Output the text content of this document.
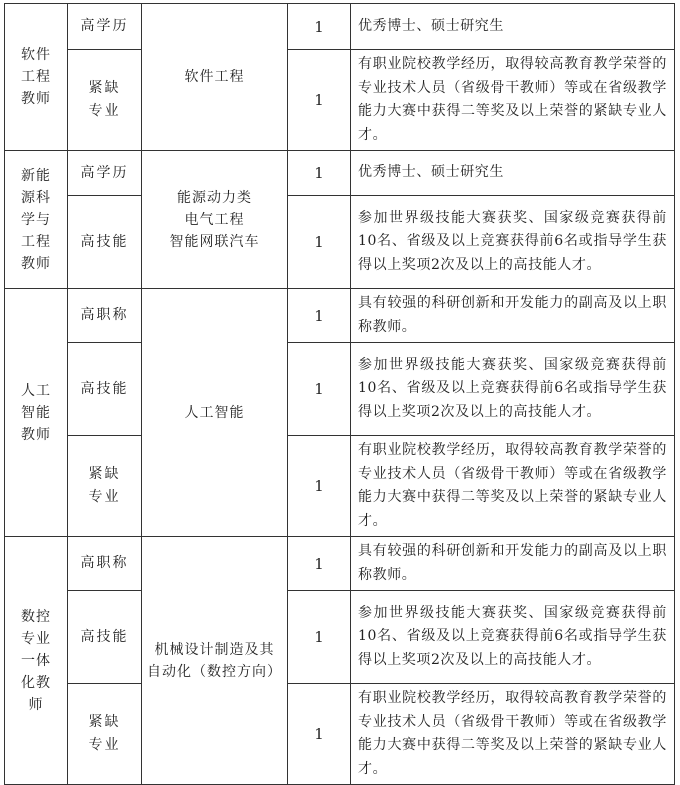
软件
工程
教师	高学历	软件工程	1	优秀博士、硕士研究生

	紧缺
专业		1	有职业院校教学经历，取得较高教育教学荣誉的专业技术人员（省级骨干教师）等或在省级教学能力大赛中获得二等奖及以上荣誉的紧缺专业人才。

新能
源科
学与
工程
教师	高学历	能源动力类
电气工程
智能网联汽车	1	优秀博士、硕士研究生

	高技能		1	参加世界级技能大赛获奖、国家级竞赛获得前10名、省级及以上竞赛获得前6名或指导学生获得以上奖项2次及以上的高技能人才。

人工
智能
教师	高职称	人工智能	1	具有较强的科研创新和开发能力的副高及以上职称教师。

	高技能		1	参加世界级技能大赛获奖、国家级竞赛获得前10名、省级及以上竞赛获得前6名或指导学生获得以上奖项2次及以上的高技能人才。

	紧缺
专业		1	有职业院校教学经历，取得较高教育教学荣誉的专业技术人员（省级骨干教师）等或在省级教学能力大赛中获得二等奖及以上荣誉的紧缺专业人才。

数控
专业
一体
化教
师	高职称	机械设计制造及其
自动化（数控方向）	1	具有较强的科研创新和开发能力的副高及以上职称教师。

	高技能		1	参加世界级技能大赛获奖、国家级竞赛获得前10名、省级及以上竞赛获得前6名或指导学生获得以上奖项2次及以上的高技能人才。

	紧缺
专业		1	有职业院校教学经历，取得较高教育教学荣誉的专业技术人员（省级骨干教师）等或在省级教学能力大赛中获得二等奖及以上荣誉的紧缺专业人才。
